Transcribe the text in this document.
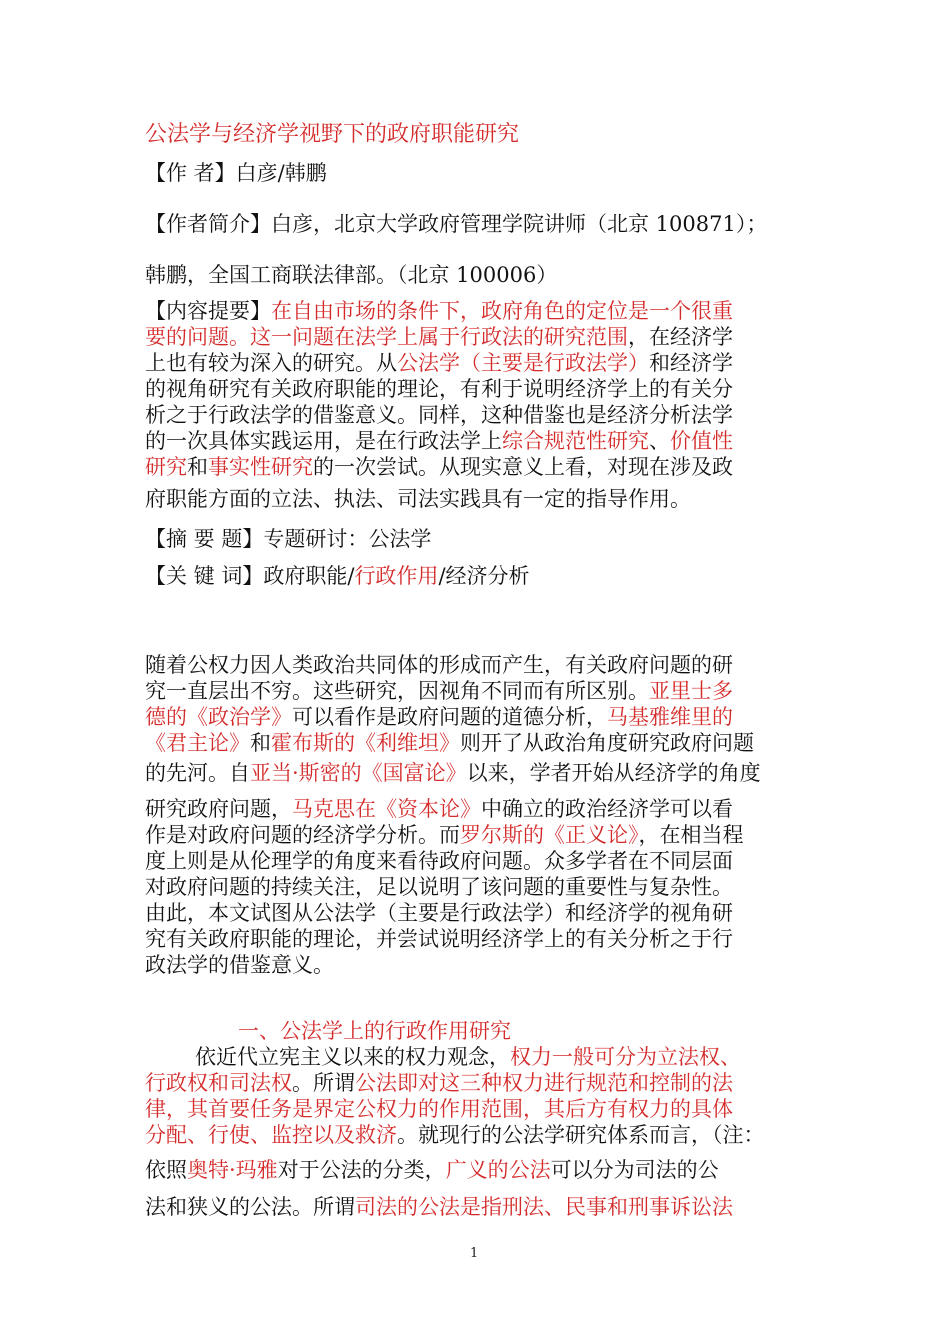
公法学与经济学视野下的政府职能研究
【作 者】白彦/韩鹏
【作者简介】白彦，北京大学政府管理学院讲师（北京 100871）；
韩鹏，全国工商联法律部。（北京 100006）
【内容提要】在自由市场的条件下，政府角色的定位是一个很重
要的问题。这一问题在法学上属于行政法的研究范围，在经济学
上也有较为深入的研究。从公法学（主要是行政法学）和经济学
的视角研究有关政府职能的理论，有利于说明经济学上的有关分
析之于行政法学的借鉴意义。同样，这种借鉴也是经济分析法学
的一次具体实践运用，是在行政法学上综合规范性研究、价值性
研究和事实性研究的一次尝试。从现实意义上看，对现在涉及政
府职能方面的立法、执法、司法实践具有一定的指导作用。
【摘 要 题】专题研讨：公法学
【关 键 词】政府职能/行政作用/经济分析
随着公权力因人类政治共同体的形成而产生，有关政府问题的研
究一直层出不穷。这些研究，因视角不同而有所区别。亚里士多
德的《政治学》可以看作是政府问题的道德分析，马基雅维里的
《君主论》和霍布斯的《利维坦》则开了从政治角度研究政府问题
的先河。自亚当·斯密的《国富论》以来，学者开始从经济学的角度
研究政府问题，马克思在《资本论》中确立的政治经济学可以看
作是对政府问题的经济学分析。而罗尔斯的《正义论》，在相当程
度上则是从伦理学的角度来看待政府问题。众多学者在不同层面
对政府问题的持续关注，足以说明了该问题的重要性与复杂性。
由此，本文试图从公法学（主要是行政法学）和经济学的视角研
究有关政府职能的理论，并尝试说明经济学上的有关分析之于行
政法学的借鉴意义。
一、公法学上的行政作用研究
依近代立宪主义以来的权力观念，权力一般可分为立法权、
行政权和司法权。所谓公法即对这三种权力进行规范和控制的法
律，其首要任务是界定公权力的作用范围，其后方有权力的具体
分配、行使、监控以及救济。就现行的公法学研究体系而言，（注：
依照奥特·玛雅对于公法的分类，广义的公法可以分为司法的公
法和狭义的公法。所谓司法的公法是指刑法、民事和刑事诉讼法
1
